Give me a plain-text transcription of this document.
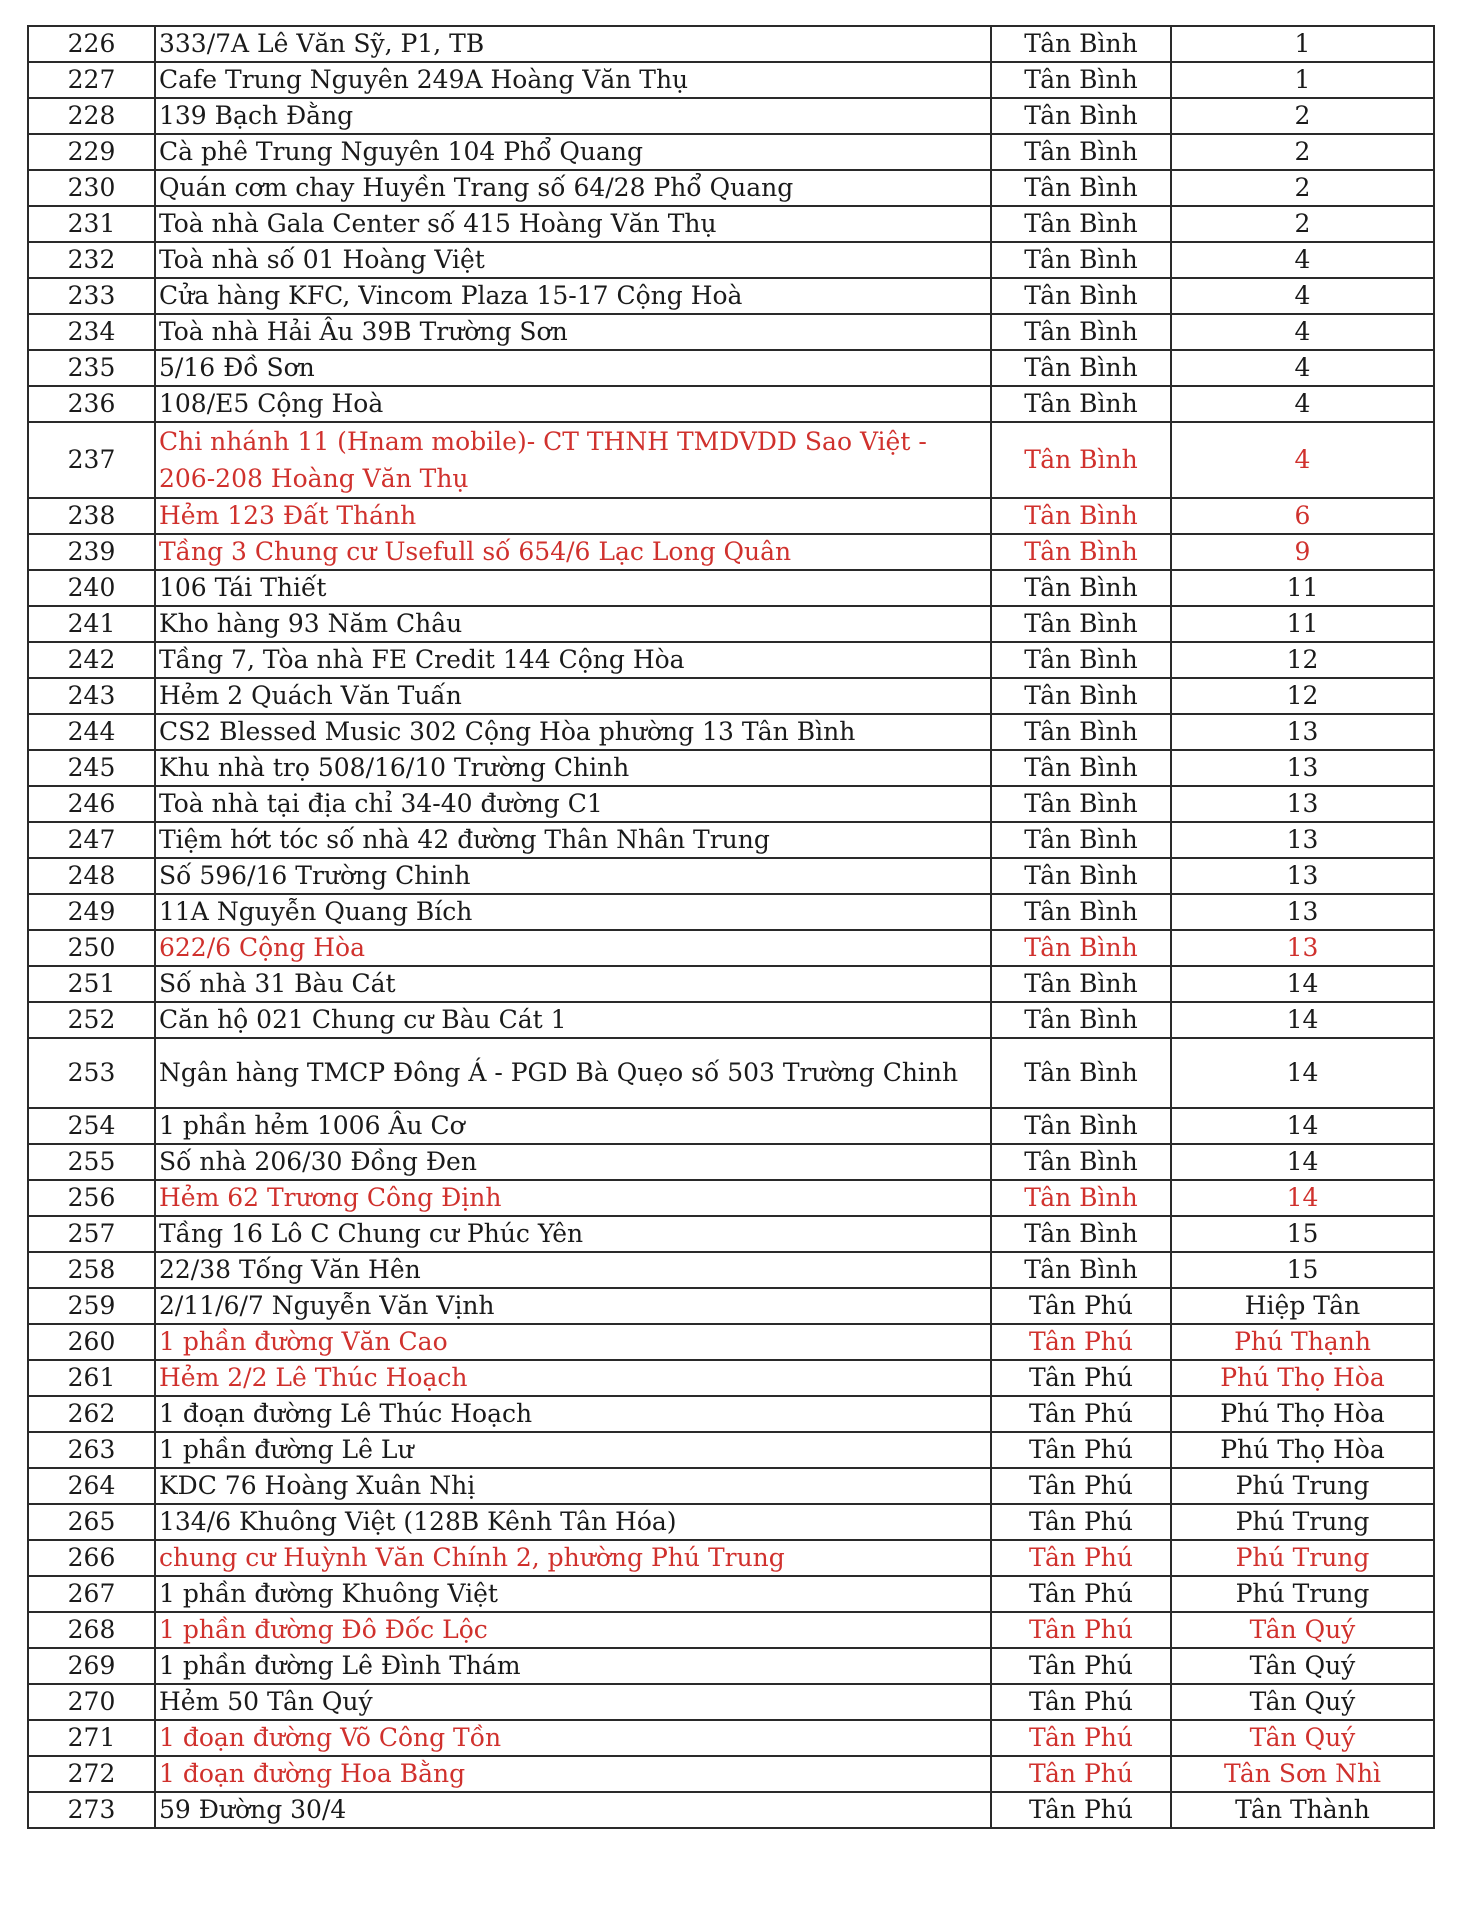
226	333/7A Lê Văn Sỹ, P1, TB	Tân Bình	1
227	Cafe Trung Nguyên 249A Hoàng Văn Thụ	Tân Bình	1
228	139 Bạch Đằng	Tân Bình	2
229	Cà phê Trung Nguyên 104 Phổ Quang	Tân Bình	2
230	Quán cơm chay Huyền Trang số 64/28 Phổ Quang	Tân Bình	2
231	Toà nhà Gala Center số 415 Hoàng Văn Thụ	Tân Bình	2
232	Toà nhà số 01 Hoàng Việt	Tân Bình	4
233	Cửa hàng KFC, Vincom Plaza 15-17 Cộng Hoà	Tân Bình	4
234	Toà nhà Hải Âu 39B Trường Sơn	Tân Bình	4
235	5/16 Đồ Sơn	Tân Bình	4
236	108/E5 Cộng Hoà	Tân Bình	4
237	Chi nhánh 11 (Hnam mobile)- CT THNH TMDVDD Sao Việt - 206-208 Hoàng Văn Thụ	Tân Bình	4
238	Hẻm 123 Đất Thánh	Tân Bình	6
239	Tầng 3 Chung cư Usefull số 654/6 Lạc Long Quân	Tân Bình	9
240	106 Tái Thiết	Tân Bình	11
241	Kho hàng 93 Năm Châu	Tân Bình	11
242	Tầng 7, Tòa nhà FE Credit 144 Cộng Hòa	Tân Bình	12
243	Hẻm 2 Quách Văn Tuấn	Tân Bình	12
244	CS2 Blessed Music 302 Cộng Hòa phường 13 Tân Bình	Tân Bình	13
245	Khu nhà trọ 508/16/10 Trường Chinh	Tân Bình	13
246	Toà nhà tại địa chỉ 34-40 đường C1	Tân Bình	13
247	Tiệm hớt tóc số nhà 42 đường Thân Nhân Trung	Tân Bình	13
248	Số 596/16 Trường Chinh	Tân Bình	13
249	11A Nguyễn Quang Bích	Tân Bình	13
250	622/6 Cộng Hòa	Tân Bình	13
251	Số nhà 31 Bàu Cát	Tân Bình	14
252	Căn hộ 021 Chung cư Bàu Cát 1	Tân Bình	14
253	Ngân hàng TMCP Đông Á - PGD Bà Quẹo số 503 Trường Chinh	Tân Bình	14
254	1 phần hẻm 1006 Âu Cơ	Tân Bình	14
255	Số nhà 206/30 Đồng Đen	Tân Bình	14
256	Hẻm 62 Trương Công Định	Tân Bình	14
257	Tầng 16 Lô C Chung cư Phúc Yên	Tân Bình	15
258	22/38 Tống Văn Hên	Tân Bình	15
259	2/11/6/7 Nguyễn Văn Vịnh	Tân Phú	Hiệp Tân
260	1 phần đường Văn Cao	Tân Phú	Phú Thạnh
261	Hẻm 2/2 Lê Thúc Hoạch	Tân Phú	Phú Thọ Hòa
262	1 đoạn đường Lê Thúc Hoạch	Tân Phú	Phú Thọ Hòa
263	1 phần đường Lê Lư	Tân Phú	Phú Thọ Hòa
264	KDC 76 Hoàng Xuân Nhị	Tân Phú	Phú Trung
265	134/6 Khuông Việt (128B Kênh Tân Hóa)	Tân Phú	Phú Trung
266	chung cư Huỳnh Văn Chính 2, phường Phú Trung	Tân Phú	Phú Trung
267	1 phần đường Khuông Việt	Tân Phú	Phú Trung
268	1 phần đường Đô Đốc Lộc	Tân Phú	Tân Quý
269	1 phần đường Lê Đình Thám	Tân Phú	Tân Quý
270	Hẻm 50 Tân Quý	Tân Phú	Tân Quý
271	1 đoạn đường Võ Công Tồn	Tân Phú	Tân Quý
272	1 đoạn đường Hoa Bằng	Tân Phú	Tân Sơn Nhì
273	59 Đường 30/4	Tân Phú	Tân Thành
